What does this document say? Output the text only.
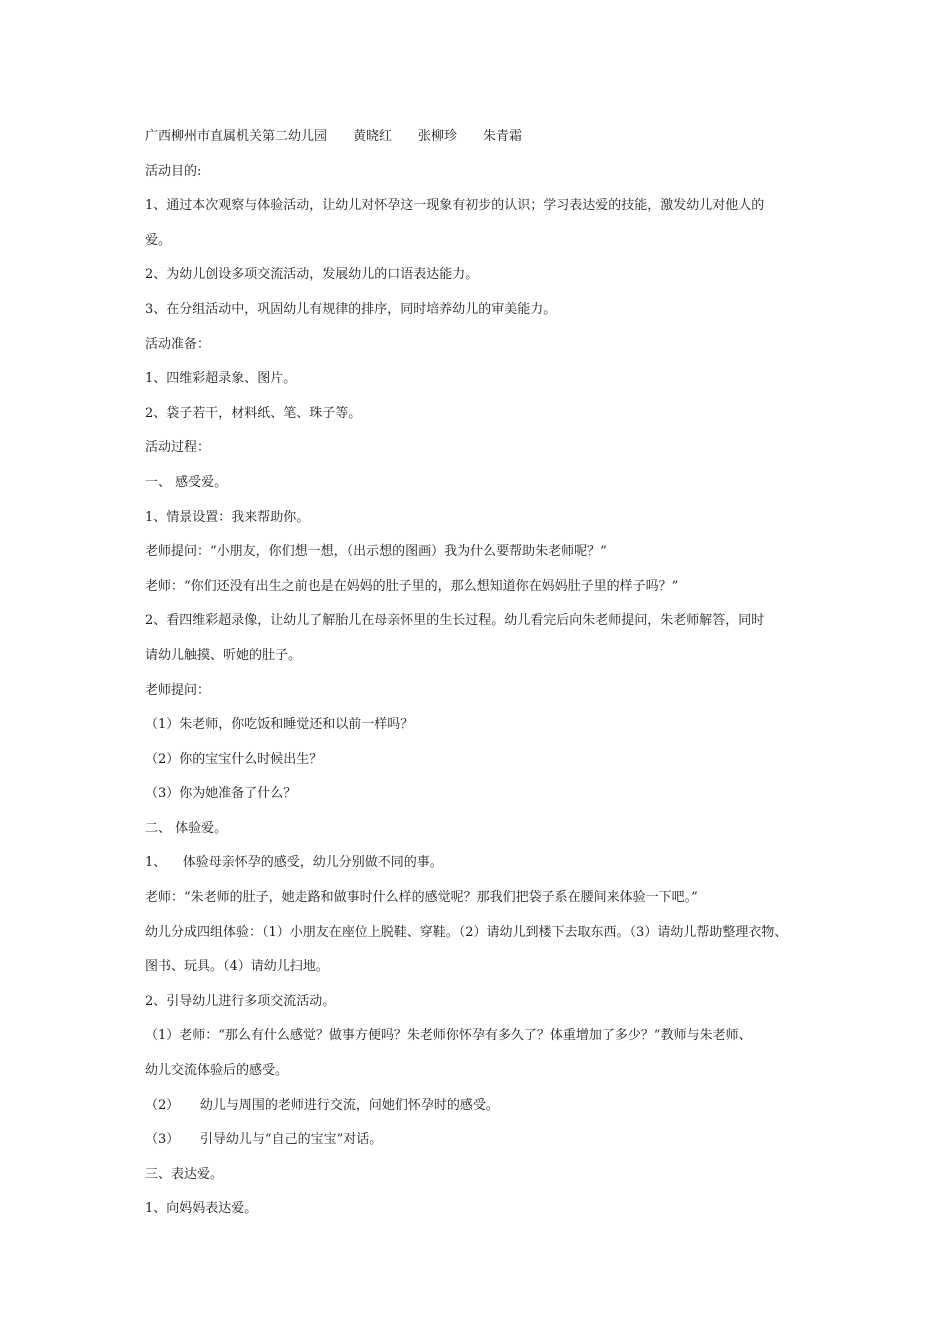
广西柳州市直属机关第二幼儿园 黄晓红 张柳珍 朱青霜

活动目的:

1、通过本次观察与体验活动，让幼儿对怀孕这一现象有初步的认识；学习表达爱的技能，激发幼儿对他人的

爱。

2、为幼儿创设多项交流活动，发展幼儿的口语表达能力。

3、在分组活动中，巩固幼儿有规律的排序，同时培养幼儿的审美能力。

活动准备：

1、四维彩超录象、图片。

2、袋子若干，材料纸、笔、珠子等。

活动过程：

一、 感受爱。

1、情景设置：我来帮助你。

老师提问：“小朋友，你们想一想，（出示想的图画）我为什么要帮助朱老师呢？”

老师：“你们还没有出生之前也是在妈妈的肚子里的，那么想知道你在妈妈肚子里的样子吗？”

2、看四维彩超录像，让幼儿了解胎儿在母亲怀里的生长过程。幼儿看完后向朱老师提问，朱老师解答，同时

请幼儿触摸、听她的肚子。

老师提问：

（1）朱老师，你吃饭和睡觉还和以前一样吗？

（2）你的宝宝什么时候出生？

（3）你为她准备了什么？

二、 体验爱。

1、    体验母亲怀孕的感受，幼儿分别做不同的事。

老师：“朱老师的肚子，她走路和做事时什么样的感觉呢？那我们把袋子系在腰间来体验一下吧。”

幼儿分成四组体验：（1）小朋友在座位上脱鞋、穿鞋。（2）请幼儿到楼下去取东西。（3）请幼儿帮助整理衣物、

图书、玩具。（4）请幼儿扫地。

2、引导幼儿进行多项交流活动。

（1）老师：“那么有什么感觉？做事方便吗？朱老师你怀孕有多久了？体重增加了多少？”教师与朱老师、

幼儿交流体验后的感受。

（2）     幼儿与周围的老师进行交流，问她们怀孕时的感受。

（3）     引导幼儿与“自己的宝宝”对话。

三、表达爱。

1、向妈妈表达爱。
